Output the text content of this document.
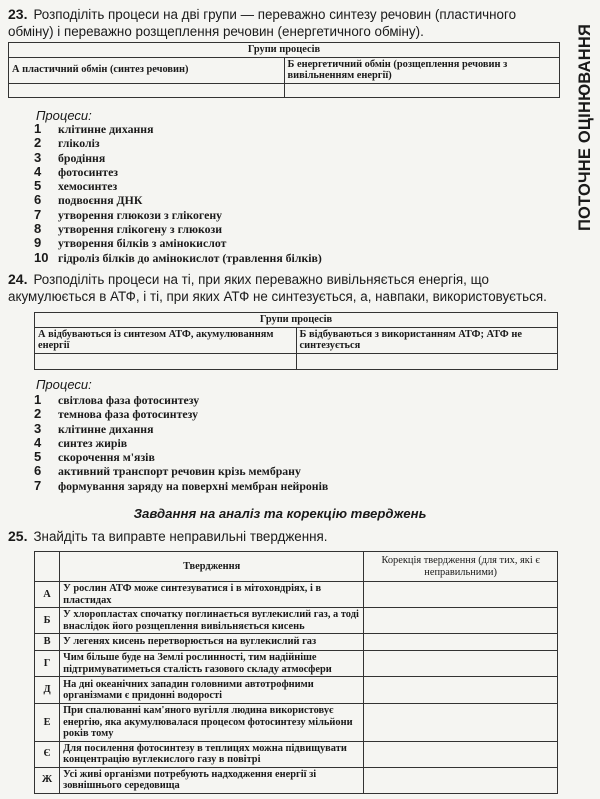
ПОТОЧНЕ ОЦІНЮВАННЯ
23. Розподіліть процеси на дві групи — переважно синтезу речовин (пластичного обміну) і переважно розщеплення речовин (енергетичного обміну).
Групи процесів	
А пластичний обмін (синтез речовин)	Б енергетичний обмін (розщеплення речовин з вивільненням енергії)

Процеси:
1	клітинне дихання
2	гліколіз
3	бродіння
4	фотосинтез
5	хемосинтез
6	подвоєння ДНК
7	утворення глюкози з глікогену
8	утворення глікогену з глюкози
9	утворення білків з амінокислот
10 гідроліз білків до амінокислот (травлення білків)
24. Розподіліть процеси на ті, при яких переважно вивільняється енергія, що акумулюється в АТФ, і ті, при яких АТФ не синтезується, а, навпаки, використовується.
Групи процесів	
А відбуваються із синтезом АТФ, акумулюванням енергії	Б відбуваються з використанням АТФ; АТФ не синтезується

Процеси:
1	світлова фаза фотосинтезу
2	темнова фаза фотосинтезу
3	клітинне дихання
4	синтез жирів
5	скорочення м'язів
6	активний транспорт речовин крізь мембрану
7	формування заряду на поверхні мембран нейронів
Завдання на аналіз та корекцію тверджень
25. Знайдіть та виправте неправильні твердження.
	Твердження	Корекція твердження (для тих, які є неправильними)
А	У рослин АТФ може синтезуватися і в мітохондріях, і в пластидах	
Б	У хлоропластах спочатку поглинається вуглекислий газ, а тоді внаслідок його розщеплення вивільняється кисень	
В	У легенях кисень перетворюється на вуглекислий газ	
Г	Чим більше буде на Землі рослинності, тим надійніше підтримуватиметься сталість газового складу атмосфери	
Д	На дні океанічних западин головними автотрофними організмами є придонні водорості	
Е	При спалюванні кам'яного вугілля людина використовує енергію, яка акумулювалася процесом фотосинтезу мільйони років тому	
Є	Для посилення фотосинтезу в теплицях можна підвищувати концентрацію вуглекислого газу в повітрі	
Ж	Усі живі організми потребують надходження енергії зі зовнішнього середовища	
